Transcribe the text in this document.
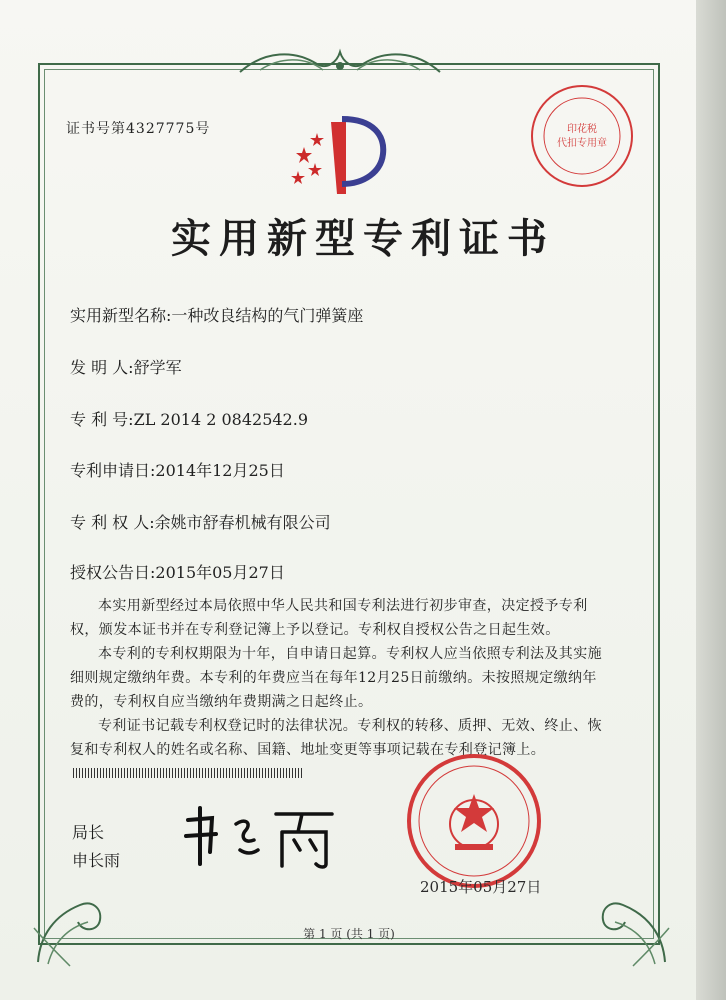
证书号第4327775号	印花税
代扣专用章
实用新型专利证书
实用新型名称:一种改良结构的气门弹簧座
发 明 人:舒学军
专 利 号:ZL 2014 2 0842542.9
专利申请日:2014年12月25日
专 利 权 人:余姚市舒春机械有限公司
授权公告日:2015年05月27日

本实用新型经过本局依照中华人民共和国专利法进行初步审查，决定授予专利权，颁发本证书并在专利登记簿上予以登记。专利权自授权公告之日起生效。

本专利的专利权期限为十年，自申请日起算。专利权人应当依照专利法及其实施细则规定缴纳年费。本专利的年费应当在每年12月25日前缴纳。未按照规定缴纳年费的，专利权自应当缴纳年费期满之日起终止。

专利证书记载专利权登记时的法律状况。专利权的转移、质押、无效、终止、恢复和专利权人的姓名或名称、国籍、地址变更等事项记载在专利登记簿上。

局长
申长雨
2015年05月27日
第 1 页 (共 1 页)
